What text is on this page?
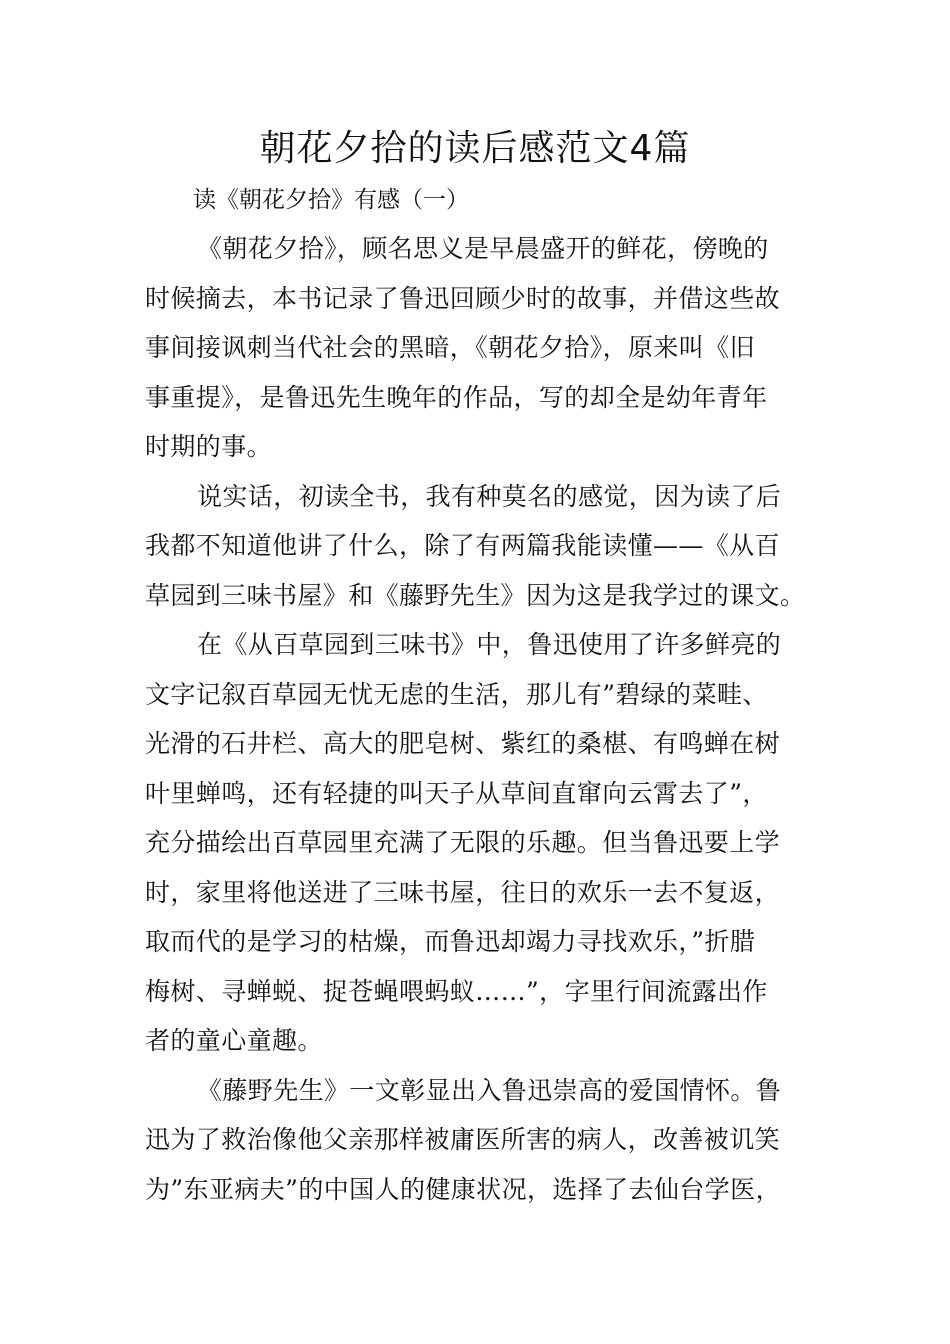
朝花夕拾的读后感范文4篇
读《朝花夕拾》有感（一）
《朝花夕拾》，顾名思义是早晨盛开的鲜花，傍晚的
时候摘去，本书记录了鲁迅回顾少时的故事，并借这些故
事间接讽刺当代社会的黑暗，《朝花夕拾》，原来叫《旧
事重提》，是鲁迅先生晚年的作品，写的却全是幼年青年
时期的事。
说实话，初读全书，我有种莫名的感觉，因为读了后
我都不知道他讲了什么，除了有两篇我能读懂——《从百
草园到三味书屋》和《藤野先生》因为这是我学过的课文。
在《从百草园到三味书》中，鲁迅使用了许多鲜亮的
文字记叙百草园无忧无虑的生活，那儿有”碧绿的菜畦、
光滑的石井栏、高大的肥皂树、紫红的桑椹、有鸣蝉在树
叶里蝉鸣，还有轻捷的叫天子从草间直窜向云霄去了”，
充分描绘出百草园里充满了无限的乐趣。但当鲁迅要上学
时，家里将他送进了三味书屋，往日的欢乐一去不复返，
取而代的是学习的枯燥，而鲁迅却竭力寻找欢乐，”折腊
梅树、寻蝉蜕、捉苍蝇喂蚂蚁……”，字里行间流露出作
者的童心童趣。
《藤野先生》一文彰显出入鲁迅崇高的爱国情怀。鲁
迅为了救治像他父亲那样被庸医所害的病人，改善被讥笑
为”东亚病夫”的中国人的健康状况，选择了去仙台学医，
